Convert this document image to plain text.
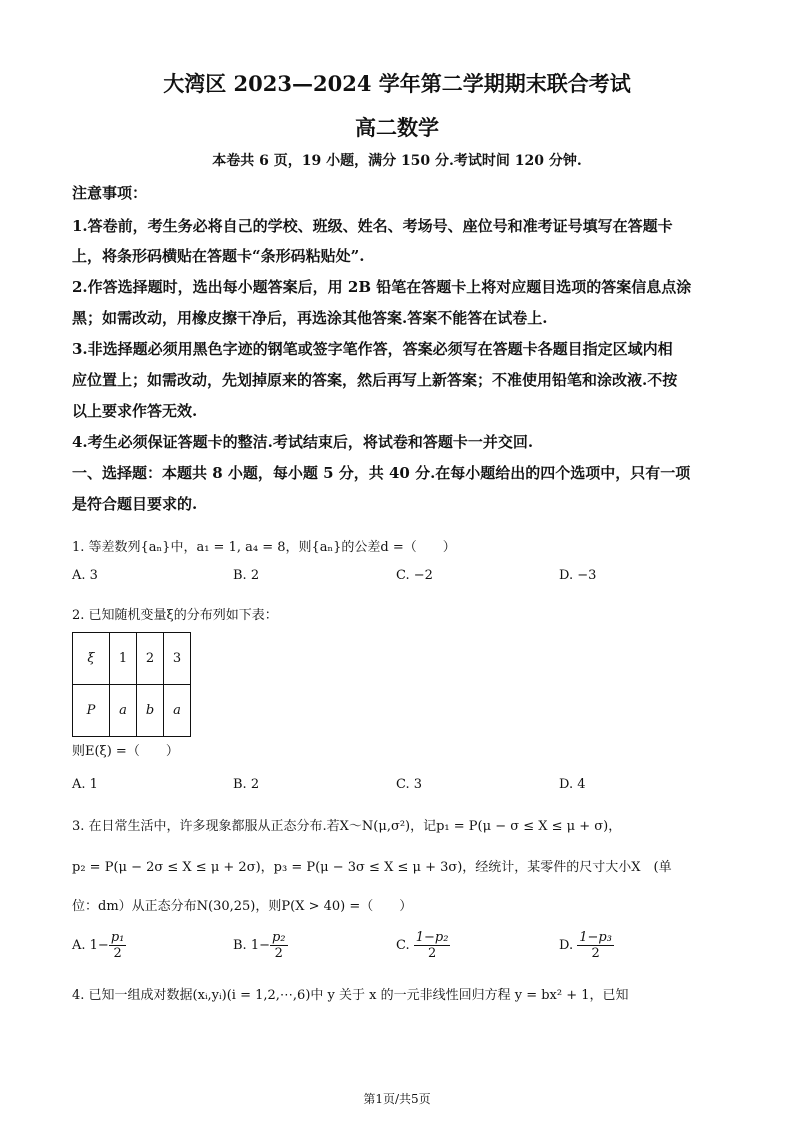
大湾区 2023—2024 学年第二学期期末联合考试
高二数学
本卷共 6 页，19 小题，满分 150 分.考试时间 120 分钟.
注意事项：
1.答卷前，考生务必将自己的学校、班级、姓名、考场号、座位号和准考证号填写在答题卡
上，将条形码横贴在答题卡“条形码粘贴处”.
2.作答选择题时，选出每小题答案后，用 2B 铅笔在答题卡上将对应题目选项的答案信息点涂
黑；如需改动，用橡皮擦干净后，再选涂其他答案.答案不能答在试卷上.
3.非选择题必须用黑色字迹的钢笔或签字笔作答，答案必须写在答题卡各题目指定区域内相
应位置上；如需改动，先划掉原来的答案，然后再写上新答案；不准使用铅笔和涂改液.不按
以上要求作答无效.
4.考生必须保证答题卡的整洁.考试结束后，将试卷和答题卡一并交回.
一、选择题：本题共 8 小题，每小题 5 分，共 40 分.在每小题给出的四个选项中，只有一项
是符合题目要求的.
1. 等差数列{aₙ}中，a₁ = 1, a₄ = 8，则{aₙ}的公差d =（　　）
A. 3	B. 2	C. −2	D. −3
2. 已知随机变量ξ的分布列如下表：
ξ	1	2	3
P	a	b	a
则E(ξ) =（　　）
A. 1	B. 2	C. 3	D. 4
3. 在日常生活中，许多现象都服从正态分布.若X～N(μ,σ²)，记p₁ = P(μ − σ ≤ X ≤ μ + σ)，
p₂ = P(μ − 2σ ≤ X ≤ μ + 2σ)，p₃ = P(μ − 3σ ≤ X ≤ μ + 3σ)，经统计，某零件的尺寸大小X　(单
位：dm）从正态分布N(30,25)，则P(X > 40) =（　　）
A. $1- \frac{\text{p₁}}{2}$	B. $1- \frac{\text{p₂}}{2}$	C. $\frac{\text{1−p₂}}{2}$	D. $\frac{\text{1−p₃}}{2}$
4. 已知一组成对数据(xᵢ,yᵢ)(i = 1,2,⋯,6)中 y 关于 x 的一元非线性回归方程 y = bx² + 1，已知
第1页/共5页
